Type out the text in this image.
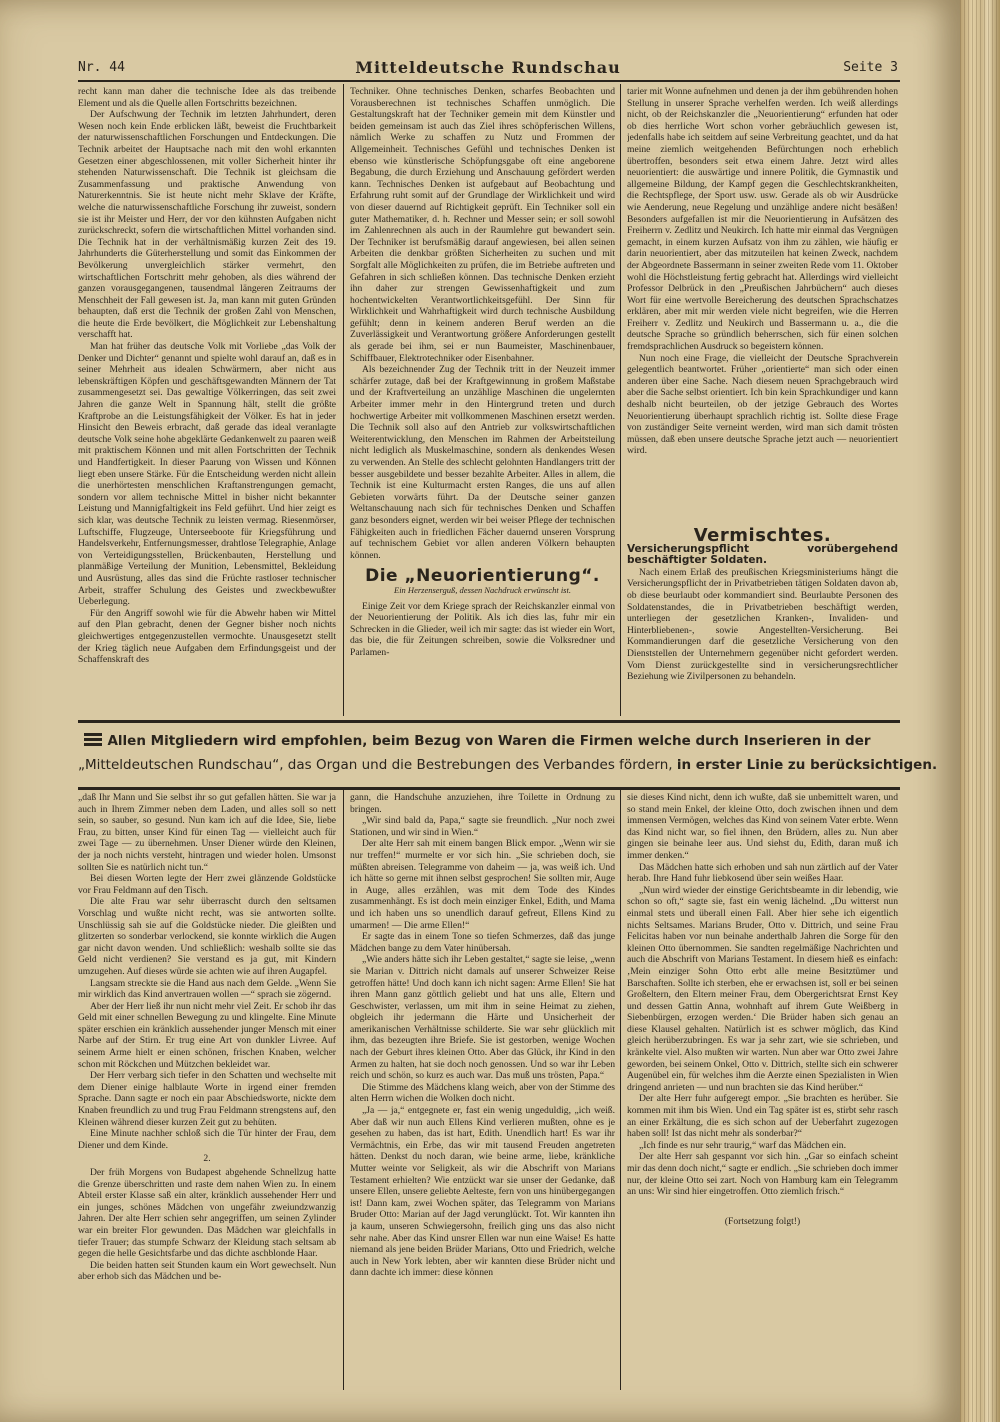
Nr. 44	Mitteldeutsche Rundschau	Seite 3

recht kann man daher die technische Idee als das treibende Element und als die Quelle allen Fortschritts bezeichnen.

Der Aufschwung der Technik im letzten Jahrhundert, deren Wesen noch kein Ende erblicken läßt, beweist die Fruchtbarkeit der naturwissenschaftlichen Forschungen und Entdeckungen. Die Technik arbeitet der Hauptsache nach mit den wohl erkannten Gesetzen einer abgeschlossenen, mit voller Sicherheit hinter ihr stehenden Naturwissenschaft. Die Technik ist gleichsam die Zusammenfassung und praktische Anwendung von Naturerkenntnis. Sie ist heute nicht mehr Sklave der Kräfte, welche die naturwissenschaftliche Forschung ihr zuweist, sondern sie ist ihr Meister und Herr, der vor den kühnsten Aufgaben nicht zurückschreckt, sofern die wirtschaftlichen Mittel vorhanden sind. Die Technik hat in der verhältnismäßig kurzen Zeit des 19. Jahrhunderts die Güterherstellung und somit das Einkommen der Bevölkerung unvergleichlich stärker vermehrt, den wirtschaftlichen Fortschritt mehr gehoben, als dies während der ganzen vorausgegangenen, tausendmal längeren Zeitraums der Menschheit der Fall gewesen ist. Ja, man kann mit guten Gründen behaupten, daß erst die Technik der großen Zahl von Menschen, die heute die Erde bevölkert, die Möglichkeit zur Lebenshaltung verschafft hat.

Man hat früher das deutsche Volk mit Vorliebe „das Volk der Denker und Dichter“ genannt und spielte wohl darauf an, daß es in seiner Mehrheit aus idealen Schwärmern, aber nicht aus lebenskräftigen Köpfen und geschäftsgewandten Männern der Tat zusammengesetzt sei. Das gewaltige Völkerringen, das seit zwei Jahren die ganze Welt in Spannung hält, stellt die größte Kraftprobe an die Leistungsfähigkeit der Völker. Es hat in jeder Hinsicht den Beweis erbracht, daß gerade das ideal veranlagte deutsche Volk seine hohe abgeklärte Gedankenwelt zu paaren weiß mit praktischem Können und mit allen Fortschritten der Technik und Handfertigkeit. In dieser Paarung von Wissen und Können liegt eben unsere Stärke. Für die Entscheidung werden nicht allein die unerhörtesten menschlichen Kraftanstrengungen gemacht, sondern vor allem technische Mittel in bisher nicht bekannter Leistung und Mannigfaltigkeit ins Feld geführt. Und hier zeigt es sich klar, was deutsche Technik zu leisten vermag. Riesenmörser, Luftschiffe, Flugzeuge, Unterseeboote für Kriegsführung und Handelsverkehr, Entfernungsmesser, drahtlose Telegraphie, Anlage von Verteidigungsstellen, Brückenbauten, Herstellung und planmäßige Verteilung der Munition, Lebensmittel, Bekleidung und Ausrüstung, alles das sind die Früchte rastloser technischer Arbeit, straffer Schulung des Geistes und zweckbewußter Ueberlegung.

Für den Angriff sowohl wie für die Abwehr haben wir Mittel auf den Plan gebracht, denen der Gegner bisher noch nichts gleichwertiges entgegenzustellen vermochte. Unausgesetzt stellt der Krieg täglich neue Aufgaben dem Erfindungsgeist und der Schaffenskraft des

Techniker. Ohne technisches Denken, scharfes Beobachten und Vorausberechnen ist technisches Schaffen unmöglich. Die Gestaltungskraft hat der Techniker gemein mit dem Künstler und beiden gemeinsam ist auch das Ziel ihres schöpferischen Willens, nämlich Werke zu schaffen zu Nutz und Frommen der Allgemeinheit. Technisches Gefühl und technisches Denken ist ebenso wie künstlerische Schöpfungsgabe oft eine angeborene Begabung, die durch Erziehung und Anschauung gefördert werden kann. Technisches Denken ist aufgebaut auf Beobachtung und Erfahrung ruht somit auf der Grundlage der Wirklichkeit und wird von dieser dauernd auf Richtigkeit geprüft. Ein Techniker soll ein guter Mathematiker, d. h. Rechner und Messer sein; er soll sowohl im Zahlenrechnen als auch in der Raumlehre gut bewandert sein. Der Techniker ist berufsmäßig darauf angewiesen, bei allen seinen Arbeiten die denkbar größten Sicherheiten zu suchen und mit Sorgfalt alle Möglichkeiten zu prüfen, die im Betriebe auftreten und Gefahren in sich schließen können. Das technische Denken erzieht ihn daher zur strengen Gewissenhaftigkeit und zum hochentwickelten Verantwortlichkeitsgefühl. Der Sinn für Wirklichkeit und Wahrhaftigkeit wird durch technische Ausbildung gefühlt; denn in keinem anderen Beruf werden an die Zuverlässigkeit und Verantwortung größere Anforderungen gestellt als gerade bei ihm, sei er nun Baumeister, Maschinenbauer, Schiffbauer, Elektrotechniker oder Eisenbahner.

Als bezeichnender Zug der Technik tritt in der Neuzeit immer schärfer zutage, daß bei der Kraftgewinnung in großem Maßstabe und der Kraftverteilung an unzählige Maschinen die ungelernten Arbeiter immer mehr in den Hintergrund treten und durch hochwertige Arbeiter mit vollkommenen Maschinen ersetzt werden. Die Technik soll also auf den Antrieb zur volkswirtschaftlichen Weiterentwicklung, den Menschen im Rahmen der Arbeitsteilung nicht lediglich als Muskelmaschine, sondern als denkendes Wesen zu verwenden. An Stelle des schlecht gelohnten Handlangers tritt der besser ausgebildete und besser bezahlte Arbeiter. Alles in allem, die Technik ist eine Kulturmacht ersten Ranges, die uns auf allen Gebieten vorwärts führt. Da der Deutsche seiner ganzen Weltanschauung nach sich für technisches Denken und Schaffen ganz besonders eignet, werden wir bei weiser Pflege der technischen Fähigkeiten auch in friedlichen Fächer dauernd unseren Vorsprung auf technischem Gebiet vor allen anderen Völkern behaupten können.

Die „Neuorientierung“.
Ein Herzenserguß, dessen Nachdruck erwünscht ist.

Einige Zeit vor dem Kriege sprach der Reichskanzler einmal von der Neuorientierung der Politik. Als ich dies las, fuhr mir ein Schrecken in die Glieder, weil ich mir sagte: das ist wieder ein Wort, das bie, die für Zeitungen schreiben, sowie die Volksredner und Parlamen-

tarier mit Wonne aufnehmen und denen ja der ihm gebührenden hohen Stellung in unserer Sprache verhelfen werden. Ich weiß allerdings nicht, ob der Reichskanzler die „Neuorientierung“ erfunden hat oder ob dies herrliche Wort schon vorher gebräuchlich gewesen ist, jedenfalls habe ich seitdem auf seine Verbreitung geachtet, und da hat meine ziemlich weitgehenden Befürchtungen noch erheblich übertroffen, besonders seit etwa einem Jahre. Jetzt wird alles neuorientiert: die auswärtige und innere Politik, die Gymnastik und allgemeine Bildung, der Kampf gegen die Geschlechtskrankheiten, die Rechtspflege, der Sport usw. usw. Gerade als ob wir Ausdrücke wie Aenderung, neue Regelung und unzählige andere nicht besäßen! Besonders aufgefallen ist mir die Neuorientierung in Aufsätzen des Freiherrn v. Zedlitz und Neukirch. Ich hatte mir einmal das Vergnügen gemacht, in einem kurzen Aufsatz von ihm zu zählen, wie häufig er darin neuorientiert, aber das mitzuteilen hat keinen Zweck, nachdem der Abgeordnete Bassermann in seiner zweiten Rede vom 11. Oktober wohl die Höchstleistung fertig gebracht hat. Allerdings wird vielleicht Professor Delbrück in den „Preußischen Jahrbüchern“ auch dieses Wort für eine wertvolle Bereicherung des deutschen Sprachschatzes erklären, aber mit mir werden viele nicht begreifen, wie die Herren Freiherr v. Zedlitz und Neukirch und Bassermann u. a., die die deutsche Sprache so gründlich beherrschen, sich für einen solchen fremdsprachlichen Ausdruck so begeistern können.

Nun noch eine Frage, die vielleicht der Deutsche Sprachverein gelegentlich beantwortet. Früher „orientierte“ man sich oder einen anderen über eine Sache. Nach diesem neuen Sprachgebrauch wird aber die Sache selbst orientiert. Ich bin kein Sprachkundiger und kann deshalb nicht beurteilen, ob der jetzige Gebrauch des Wortes Neuorientierung überhaupt sprachlich richtig ist. Sollte diese Frage von zuständiger Seite verneint werden, wird man sich damit trösten müssen, daß eben unsere deutsche Sprache jetzt auch — neuorientiert wird.

Vermischtes.

Versicherungspflicht vorübergehend beschäftigter Soldaten.

Nach einem Erlaß des preußischen Kriegsministeriums hängt die Versicherungspflicht der in Privatbetrieben tätigen Soldaten davon ab, ob diese beurlaubt oder kommandiert sind. Beurlaubte Personen des Soldatenstandes, die in Privatbetrieben beschäftigt werden, unterliegen der gesetzlichen Kranken-, Invaliden- und Hinterbliebenen-, sowie Angestellten-Versicherung. Bei Kommandierungen darf die gesetzliche Versicherung von den Dienststellen der Unternehmern gegenüber nicht gefordert werden. Vom Dienst zurückgestellte sind in versicherungsrechtlicher Beziehung wie Zivilpersonen zu behandeln.

Allen Mitgliedern wird empfohlen, beim Bezug von Waren die Firmen welche durch Inserieren in der
„Mitteldeutschen Rundschau“, das Organ und die Bestrebungen des Verbandes fördern, in erster Linie zu berücksichtigen.

„daß Ihr Mann und Sie selbst ihr so gut gefallen hätten. Sie war ja auch in Ihrem Zimmer neben dem Laden, und alles soll so nett sein, so sauber, so gesund. Nun kam ich auf die Idee, Sie, liebe Frau, zu bitten, unser Kind für einen Tag — vielleicht auch für zwei Tage — zu übernehmen. Unser Diener würde den Kleinen, der ja noch nichts versteht, hintragen und wieder holen. Umsonst sollten Sie es natürlich nicht tun.“

Bei diesen Worten legte der Herr zwei glänzende Goldstücke vor Frau Feldmann auf den Tisch.

Die alte Frau war sehr überrascht durch den seltsamen Vorschlag und wußte nicht recht, was sie antworten sollte. Unschlüssig sah sie auf die Goldstücke nieder. Die gleißten und glitzerten so sonderbar verlockend, sie konnte wirklich die Augen gar nicht davon wenden. Und schließlich: weshalb sollte sie das Geld nicht verdienen? Sie verstand es ja gut, mit Kindern umzugehen. Auf dieses würde sie achten wie auf ihren Augapfel.

Langsam streckte sie die Hand aus nach dem Gelde. „Wenn Sie mir wirklich das Kind anvertrauen wollen —“ sprach sie zögernd.

Aber der Herr ließ ihr nun nicht mehr viel Zeit. Er schob ihr das Geld mit einer schnellen Bewegung zu und klingelte. Eine Minute später erschien ein kränklich aussehender junger Mensch mit einer Narbe auf der Stirn. Er trug eine Art von dunkler Livree. Auf seinem Arme hielt er einen schönen, frischen Knaben, welcher schon mit Röckchen und Mützchen bekleidet war.

Der Herr verbarg sich tiefer in den Schatten und wechselte mit dem Diener einige halblaute Worte in irgend einer fremden Sprache. Dann sagte er noch ein paar Abschiedsworte, nickte dem Knaben freundlich zu und trug Frau Feldmann strengstens auf, den Kleinen während dieser kurzen Zeit gut zu behüten.

Eine Minute nachher schloß sich die Tür hinter der Frau, dem Diener und dem Kinde.

2.

Der früh Morgens von Budapest abgehende Schnellzug hatte die Grenze überschritten und raste dem nahen Wien zu. In einem Abteil erster Klasse saß ein alter, kränklich aussehender Herr und ein junges, schönes Mädchen von ungefähr zweiundzwanzig Jahren. Der alte Herr schien sehr angegriffen, um seinen Zylinder war ein breiter Flor gewunden. Das Mädchen war gleichfalls in tiefer Trauer; das stumpfe Schwarz der Kleidung stach seltsam ab gegen die helle Gesichtsfarbe und das dichte aschblonde Haar.

Die beiden hatten seit Stunden kaum ein Wort gewechselt. Nun aber erhob sich das Mädchen und be-

gann, die Handschuhe anzuziehen, ihre Toilette in Ordnung zu bringen.

„Wir sind bald da, Papa,“ sagte sie freundlich. „Nur noch zwei Stationen, und wir sind in Wien.“

Der alte Herr sah mit einem bangen Blick empor. „Wenn wir sie nur treffen!“ murmelte er vor sich hin. „Sie schrieben doch, sie müßten abreisen. Telegramme von daheim — ja, was weiß ich. Und ich hätte so gerne mit ihnen selbst gesprochen! Sie sollten mir, Auge in Auge, alles erzählen, was mit dem Tode des Kindes zusammenhängt. Es ist doch mein einziger Enkel, Edith, und Mama und ich haben uns so unendlich darauf gefreut, Ellens Kind zu umarmen! — Die arme Ellen!“

Er sagte das in einem Tone so tiefen Schmerzes, daß das junge Mädchen bange zu dem Vater hinübersah.

„Wie anders hätte sich ihr Leben gestaltet,“ sagte sie leise, „wenn sie Marian v. Dittrich nicht damals auf unserer Schweizer Reise getroffen hätte! Und doch kann ich nicht sagen: Arme Ellen! Sie hat ihren Mann ganz göttlich geliebt und hat uns alle, Eltern und Geschwister, verlassen, um mit ihm in seine Heimat zu ziehen, obgleich ihr jedermann die Härte und Unsicherheit der amerikanischen Verhältnisse schilderte. Sie war sehr glücklich mit ihm, das bezeugten ihre Briefe. Sie ist gestorben, wenige Wochen nach der Geburt ihres kleinen Otto. Aber das Glück, ihr Kind in den Armen zu halten, hat sie doch noch genossen. Und so war ihr Leben reich und schön, so kurz es auch war. Das muß uns trösten, Papa.“

Die Stimme des Mädchens klang weich, aber von der Stimme des alten Herrn wichen die Wolken doch nicht.

„Ja — ja,“ entgegnete er, fast ein wenig ungeduldig, „ich weiß. Aber daß wir nun auch Ellens Kind verlieren mußten, ohne es je gesehen zu haben, das ist hart, Edith. Unendlich hart! Es war ihr Vermächtnis, ein Erbe, das wir mit tausend Freuden angetreten hätten. Denkst du noch daran, wie beine arme, liebe, kränkliche Mutter weinte vor Seligkeit, als wir die Abschrift von Marians Testament erhielten? Wie entzückt war sie unser der Gedanke, daß unsere Ellen, unsere geliebte Aelteste, fern von uns hinübergegangen ist! Dann kam, zwei Wochen später, das Telegramm von Marians Bruder Otto: Marian auf der Jagd verunglückt. Tot. Wir kannten ihn ja kaum, unseren Schwiegersohn, freilich ging uns das also nicht sehr nahe. Aber das Kind unsrer Ellen war nun eine Waise! Es hatte niemand als jene beiden Brüder Marians, Otto und Friedrich, welche auch in New York lebten, aber wir kannten diese Brüder nicht und dann dachte ich immer: diese können

sie dieses Kind nicht, denn ich wußte, daß sie unbemittelt waren, und so stand mein Enkel, der kleine Otto, doch zwischen ihnen und dem immensen Vermögen, welches das Kind von seinem Vater erbte. Wenn das Kind nicht war, so fiel ihnen, den Brüdern, alles zu. Nun aber gingen sie beinahe leer aus. Und siehst du, Edith, daran muß ich immer denken.“

Das Mädchen hatte sich erhoben und sah nun zärtlich auf der Vater herab. Ihre Hand fuhr liebkosend über sein weißes Haar.

„Nun wird wieder der einstige Gerichtsbeamte in dir lebendig, wie schon so oft,“ sagte sie, fast ein wenig lächelnd. „Du witterst nun einmal stets und überall einen Fall. Aber hier sehe ich eigentlich nichts Seltsames. Marians Bruder, Otto v. Dittrich, und seine Frau Felicitas haben vor nun beinahe anderthalb Jahren die Sorge für den kleinen Otto übernommen. Sie sandten regelmäßige Nachrichten und auch die Abschrift von Marians Testament. In diesem hieß es einfach: ‚Mein einziger Sohn Otto erbt alle meine Besitztümer und Barschaften. Sollte ich sterben, ehe er erwachsen ist, soll er bei seinen Großeltern, den Eltern meiner Frau, dem Obergerichtsrat Ernst Key und dessen Gattin Anna, wohnhaft auf ihrem Gute Weißberg in Siebenbürgen, erzogen werden.‘ Die Brüder haben sich genau an diese Klausel gehalten. Natürlich ist es schwer möglich, das Kind gleich herüberzubringen. Es war ja sehr zart, wie sie schrieben, und kränkelte viel. Also mußten wir warten. Nun aber war Otto zwei Jahre geworden, bei seinem Onkel, Otto v. Dittrich, stellte sich ein schwerer Augenübel ein, für welches ihm die Aerzte einen Spezialisten in Wien dringend anrieten — und nun brachten sie das Kind herüber.“

Der alte Herr fuhr aufgeregt empor. „Sie brachten es herüber. Sie kommen mit ihm bis Wien. Und ein Tag später ist es, stirbt sehr rasch an einer Erkältung, die es sich schon auf der Ueberfahrt zugezogen haben soll! Ist das nicht mehr als sonderbar?“

„Ich finde es nur sehr traurig,“ warf das Mädchen ein.

Der alte Herr sah gespannt vor sich hin. „Gar so einfach scheint mir das denn doch nicht,“ sagte er endlich. „Sie schrieben doch immer nur, der kleine Otto sei zart. Noch von Hamburg kam ein Telegramm an uns: Wir sind hier eingetroffen. Otto ziemlich frisch.“

(Fortsetzung folgt!)
